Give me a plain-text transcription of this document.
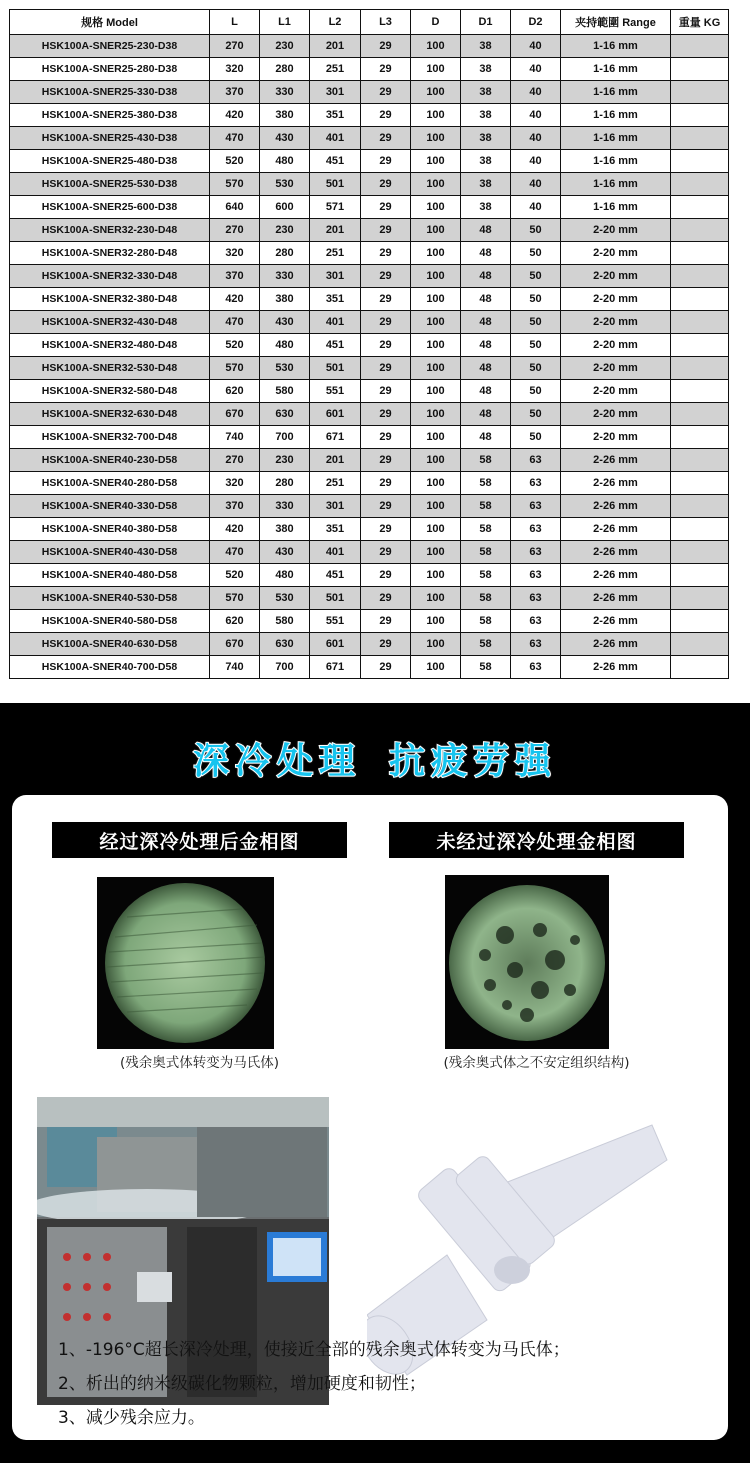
规格 Model	L	L1	L2	L3	D	D1	D2	夹持範圍 Range	重量 KG
HSK100A-SNER25-230-D38	270	230	201	29	100	38	40	1-16 mm	
HSK100A-SNER25-280-D38	320	280	251	29	100	38	40	1-16 mm	
HSK100A-SNER25-330-D38	370	330	301	29	100	38	40	1-16 mm	
HSK100A-SNER25-380-D38	420	380	351	29	100	38	40	1-16 mm	
HSK100A-SNER25-430-D38	470	430	401	29	100	38	40	1-16 mm	
HSK100A-SNER25-480-D38	520	480	451	29	100	38	40	1-16 mm	
HSK100A-SNER25-530-D38	570	530	501	29	100	38	40	1-16 mm	
HSK100A-SNER25-600-D38	640	600	571	29	100	38	40	1-16 mm	
HSK100A-SNER32-230-D48	270	230	201	29	100	48	50	2-20 mm	
HSK100A-SNER32-280-D48	320	280	251	29	100	48	50	2-20 mm	
HSK100A-SNER32-330-D48	370	330	301	29	100	48	50	2-20 mm	
HSK100A-SNER32-380-D48	420	380	351	29	100	48	50	2-20 mm	
HSK100A-SNER32-430-D48	470	430	401	29	100	48	50	2-20 mm	
HSK100A-SNER32-480-D48	520	480	451	29	100	48	50	2-20 mm	
HSK100A-SNER32-530-D48	570	530	501	29	100	48	50	2-20 mm	
HSK100A-SNER32-580-D48	620	580	551	29	100	48	50	2-20 mm	
HSK100A-SNER32-630-D48	670	630	601	29	100	48	50	2-20 mm	
HSK100A-SNER32-700-D48	740	700	671	29	100	48	50	2-20 mm	
HSK100A-SNER40-230-D58	270	230	201	29	100	58	63	2-26 mm	
HSK100A-SNER40-280-D58	320	280	251	29	100	58	63	2-26 mm	
HSK100A-SNER40-330-D58	370	330	301	29	100	58	63	2-26 mm	
HSK100A-SNER40-380-D58	420	380	351	29	100	58	63	2-26 mm	
HSK100A-SNER40-430-D58	470	430	401	29	100	58	63	2-26 mm	
HSK100A-SNER40-480-D58	520	480	451	29	100	58	63	2-26 mm	
HSK100A-SNER40-530-D58	570	530	501	29	100	58	63	2-26 mm	
HSK100A-SNER40-580-D58	620	580	551	29	100	58	63	2-26 mm	
HSK100A-SNER40-630-D58	670	630	601	29	100	58	63	2-26 mm	
HSK100A-SNER40-700-D58	740	700	671	29	100	58	63	2-26 mm	
深冷处理 抗疲劳强
经过深冷处理后金相图	未经过深冷处理金相图
(残余奥式体转变为马氏体)	(残余奥式体之不安定组织结构)
1、-196°C超长深冷处理，使接近全部的残余奥式体转变为马氏体；
2、析出的纳米级碳化物颗粒，增加硬度和韧性；
3、减少残余应力。
